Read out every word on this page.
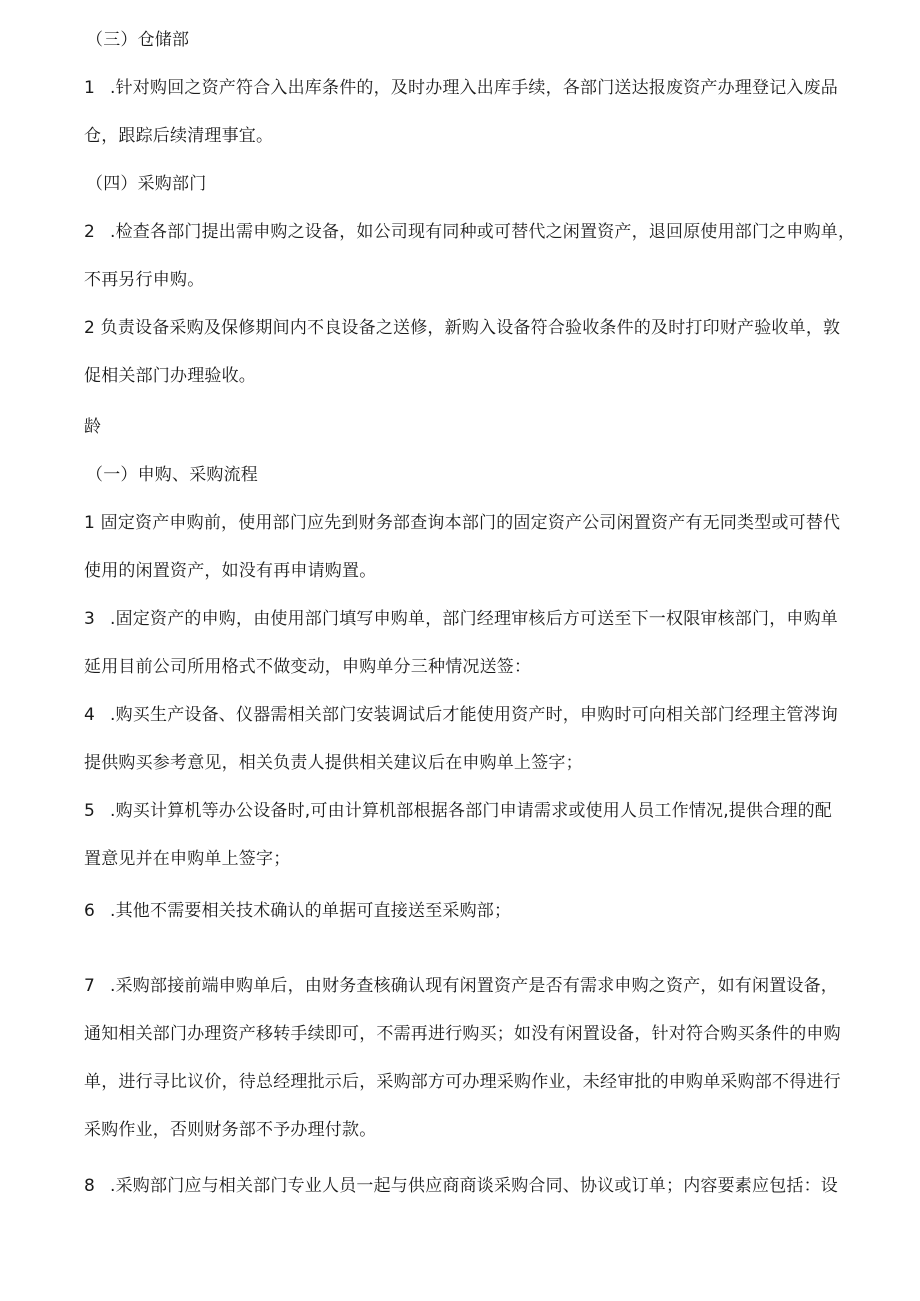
（三）仓储部
1 .针对购回之资产符合入出库条件的，及时办理入出库手续，各部门送达报废资产办理登记入废品
仓，跟踪后续清理事宜。
（四）采购部门
2 .检查各部门提出需申购之设备，如公司现有同种或可替代之闲置资产，退回原使用部门之申购单，
不再另行申购。
2 负责设备采购及保修期间内不良设备之送修，新购入设备符合验收条件的及时打印财产验收单，敦
促相关部门办理验收。
龄
（一）申购、采购流程
1 固定资产申购前，使用部门应先到财务部查询本部门的固定资产公司闲置资产有无同类型或可替代
使用的闲置资产，如没有再申请购置。
3 .固定资产的申购，由使用部门填写申购单，部门经理审核后方可送至下一权限审核部门，申购单
延用目前公司所用格式不做变动，申购单分三种情况送签：
4 .购买生产设备、仪器需相关部门安装调试后才能使用资产时，申购时可向相关部门经理主管涔询
提供购买参考意见，相关负责人提供相关建议后在申购单上签字；
5 .购买计算机等办公设备时,可由计算机部根据各部门申请需求或使用人员工作情况,提供合理的配
置意见并在申购单上签字；
6 .其他不需要相关技术确认的单据可直接送至采购部；
7 .采购部接前端申购单后，由财务查核确认现有闲置资产是否有需求申购之资产，如有闲置设备，
通知相关部门办理资产移转手续即可，不需再进行购买；如没有闲置设备，针对符合购买条件的申购
单，进行寻比议价，待总经理批示后，采购部方可办理采购作业，未经审批的申购单采购部不得进行
采购作业，否则财务部不予办理付款。
8 .采购部门应与相关部门专业人员一起与供应商商谈采购合同、协议或订单；内容要素应包括：设
